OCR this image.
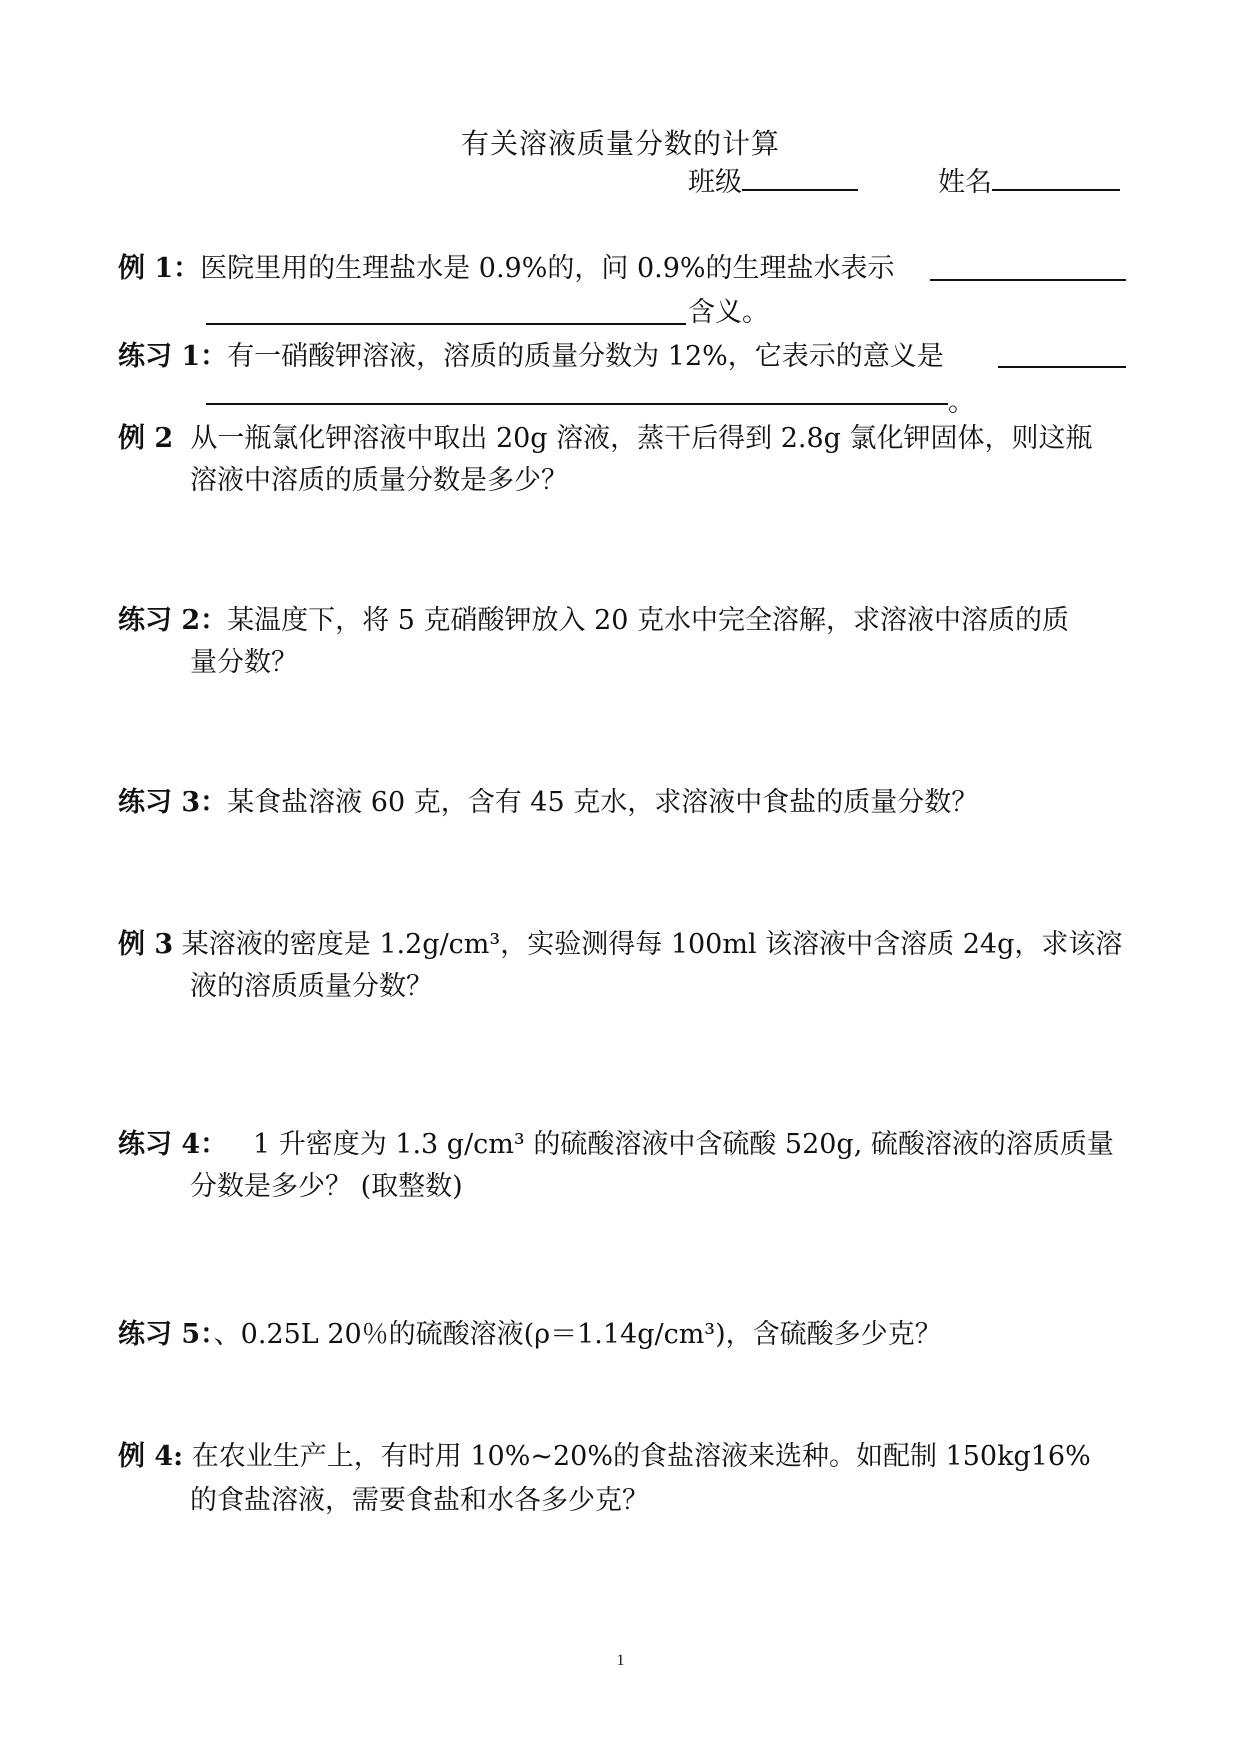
有关溶液质量分数的计算
班级	姓名
例 1：医院里用的生理盐水是 0.9%的，问 0.9%的生理盐水表示
含义。
练习 1：有一硝酸钾溶液，溶质的质量分数为 12%，它表示的意义是
。
例 2 从一瓶氯化钾溶液中取出 20g 溶液，蒸干后得到 2.8g 氯化钾固体，则这瓶
溶液中溶质的质量分数是多少？
练习 2：某温度下，将 5 克硝酸钾放入 20 克水中完全溶解，求溶液中溶质的质
量分数？
练习 3：某食盐溶液 60 克，含有 45 克水，求溶液中食盐的质量分数？
例 3 某溶液的密度是 1.2g/cm³，实验测得每 100ml 该溶液中含溶质 24g，求该溶
液的溶质质量分数？
练习 4： 1 升密度为 1.3 g/cm³ 的硫酸溶液中含硫酸 520g, 硫酸溶液的溶质质量
分数是多少？ (取整数)
练习 5：、0.25L 20％的硫酸溶液(ρ＝1.14g/cm³)，含硫酸多少克？
例 4: 在农业生产上，有时用 10%~20%的食盐溶液来选种。如配制 150kg16%
的食盐溶液，需要食盐和水各多少克？
1
